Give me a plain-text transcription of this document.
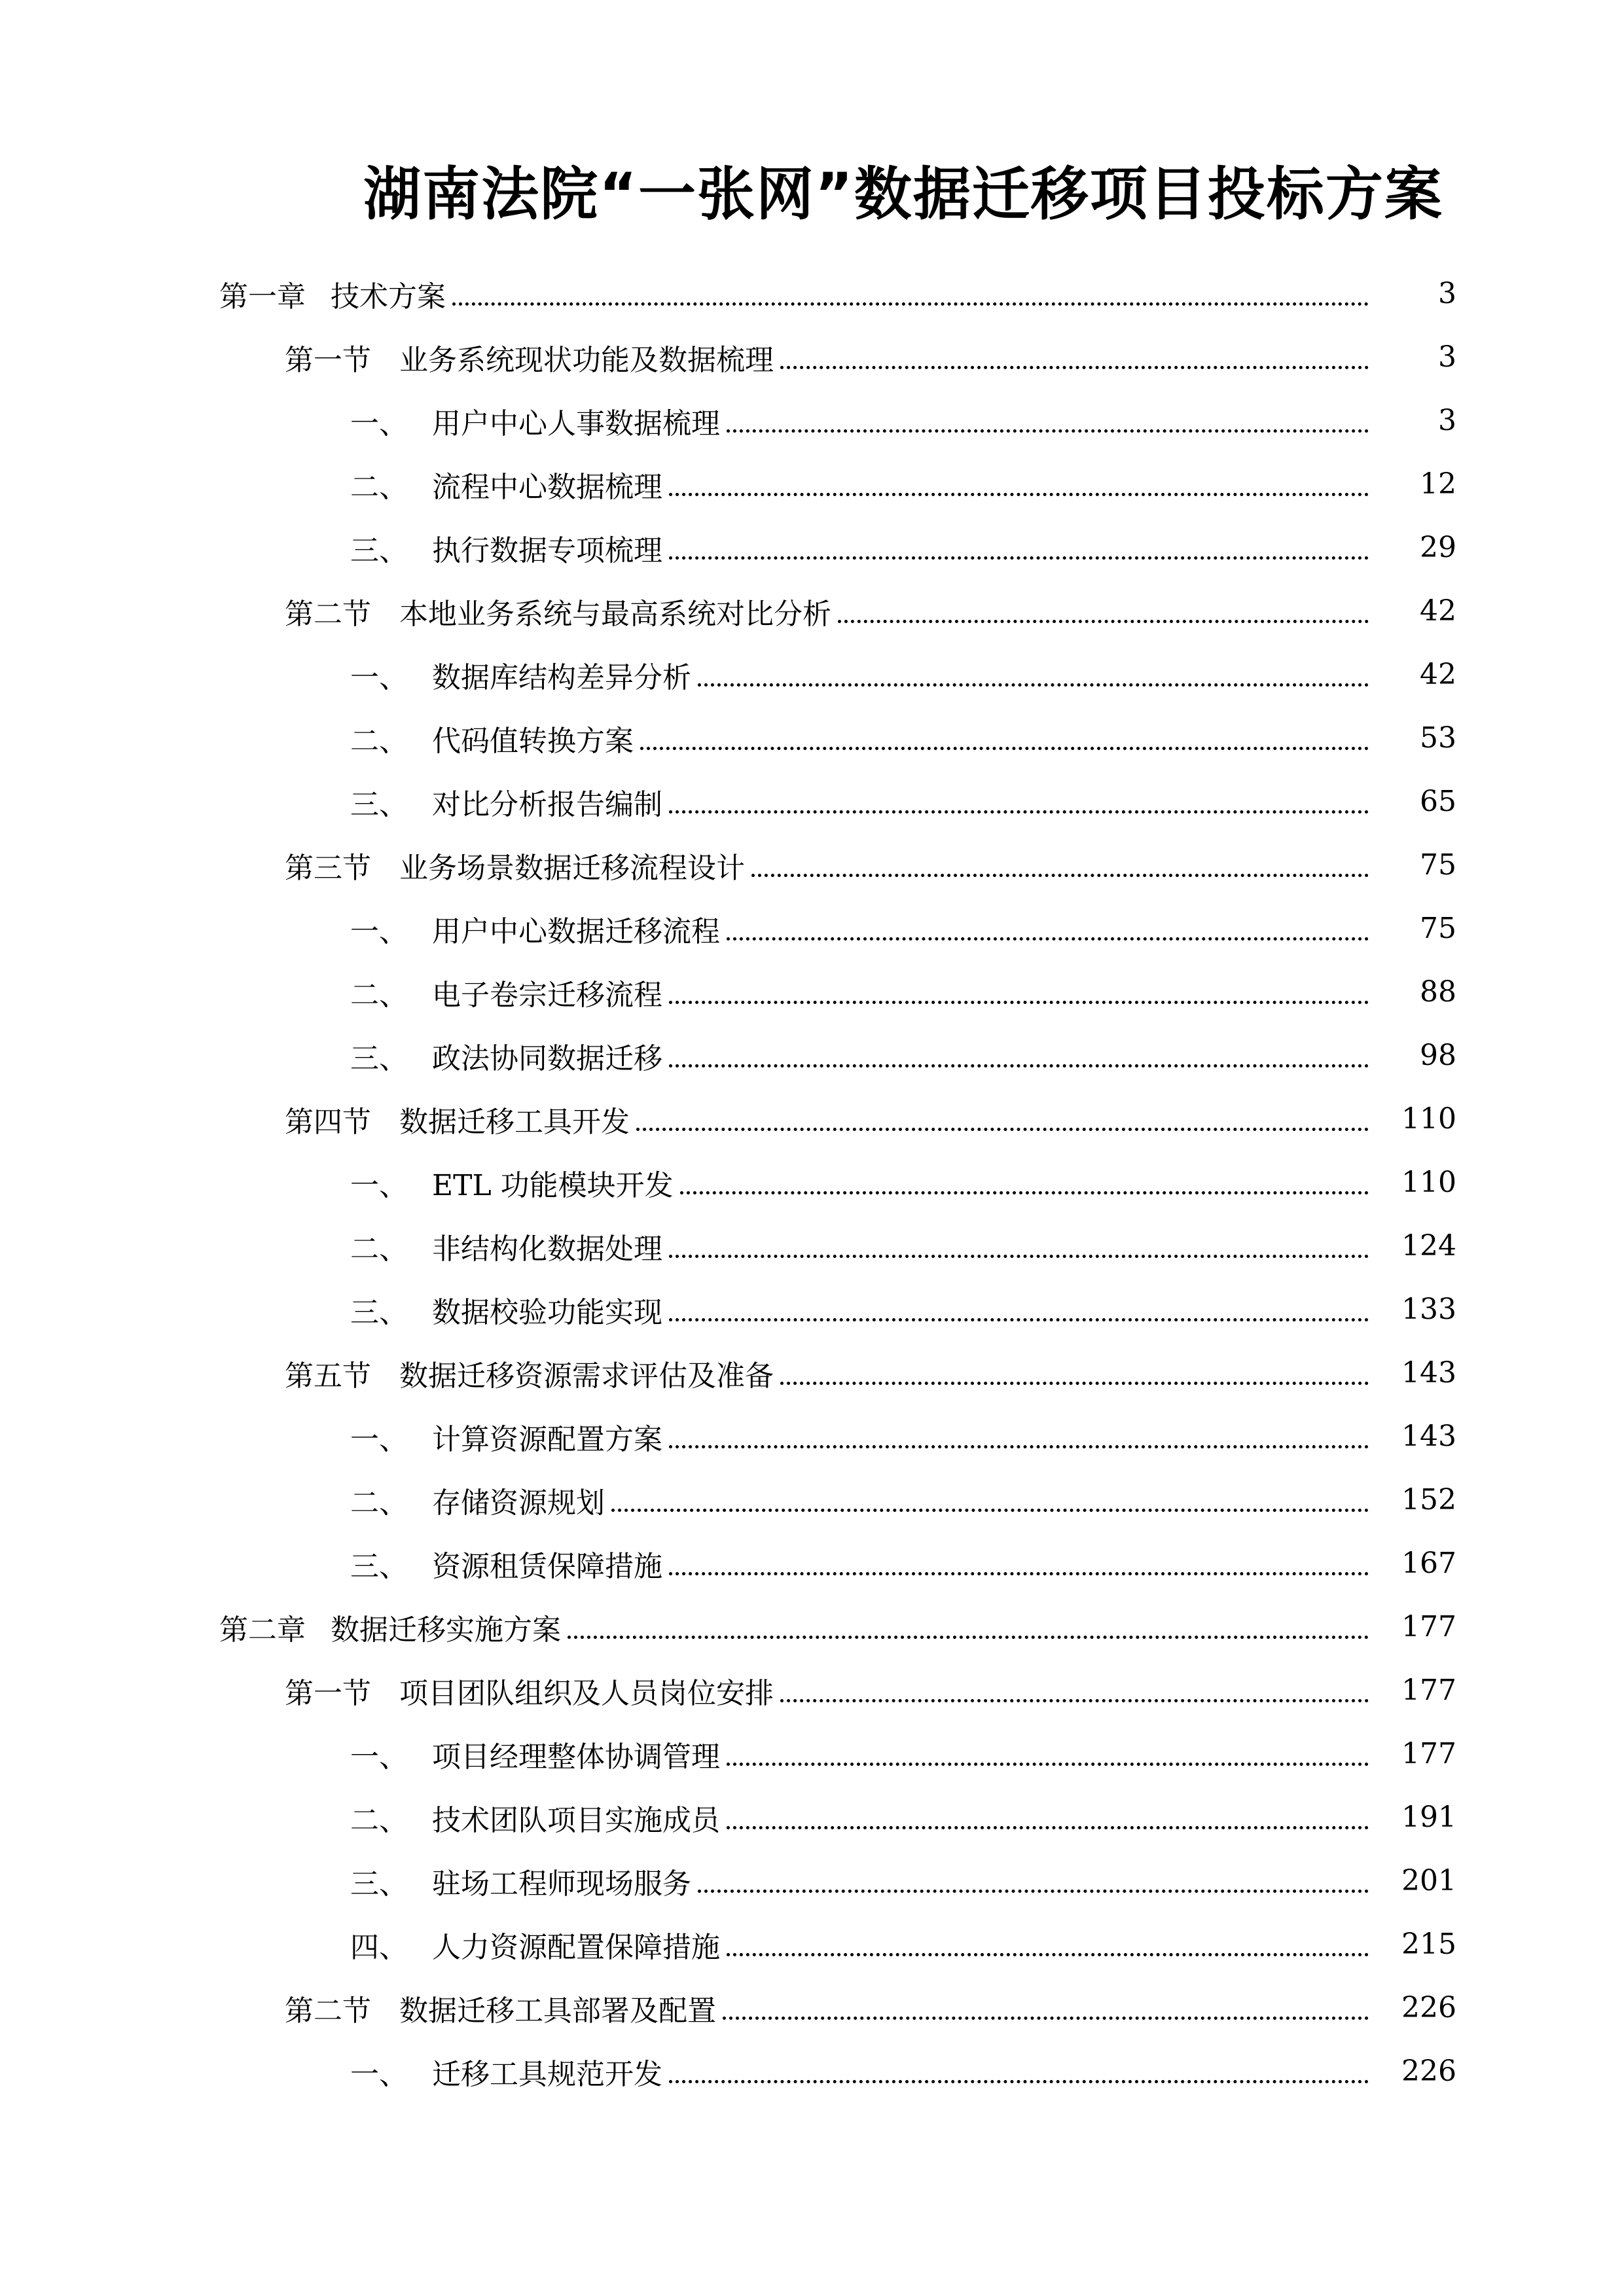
湖南法院“一张网”数据迁移项目投标方案
第一章 技术方案	3
第一节 业务系统现状功能及数据梳理	3
一、 用户中心人事数据梳理	3
二、 流程中心数据梳理	12
三、 执行数据专项梳理	29
第二节 本地业务系统与最高系统对比分析	42
一、 数据库结构差异分析	42
二、 代码值转换方案	53
三、 对比分析报告编制	65
第三节 业务场景数据迁移流程设计	75
一、 用户中心数据迁移流程	75
二、 电子卷宗迁移流程	88
三、 政法协同数据迁移	98
第四节 数据迁移工具开发	110
一、 ETL 功能模块开发	110
二、 非结构化数据处理	124
三、 数据校验功能实现	133
第五节 数据迁移资源需求评估及准备	143
一、 计算资源配置方案	143
二、 存储资源规划	152
三、 资源租赁保障措施	167
第二章 数据迁移实施方案	177
第一节 项目团队组织及人员岗位安排	177
一、 项目经理整体协调管理	177
二、 技术团队项目实施成员	191
三、 驻场工程师现场服务	201
四、 人力资源配置保障措施	215
第二节 数据迁移工具部署及配置	226
一、 迁移工具规范开发	226
